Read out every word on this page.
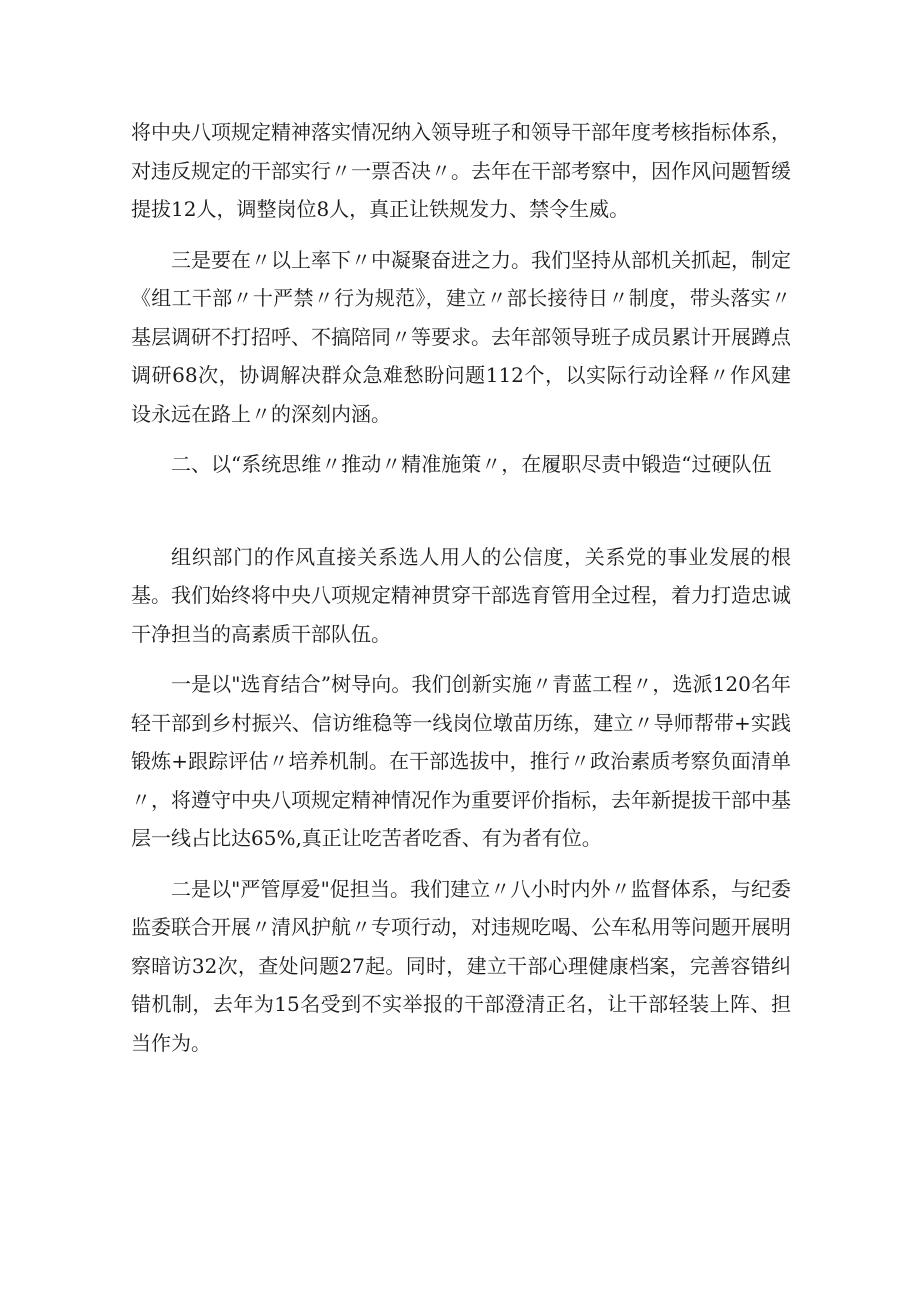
将中央八项规定精神落实情况纳入领导班子和领导干部年度考核指标体系，对违反规定的干部实行〃一票否决〃。去年在干部考察中，因作风问题暂缓提拔12人，调整岗位8人，真正让铁规发力、禁令生威。

三是要在〃以上率下〃中凝聚奋进之力。我们坚持从部机关抓起，制定《组工干部〃十严禁〃行为规范》，建立〃部长接待日〃制度，带头落实〃基层调研不打招呼、不搞陪同〃等要求。去年部领导班子成员累计开展蹲点调研68次，协调解决群众急难愁盼问题112个，以实际行动诠释〃作风建设永远在路上〃的深刻内涵。

二、以“系统思维〃推动〃精准施策〃，在履职尽责中锻造“过硬队伍

组织部门的作风直接关系选人用人的公信度，关系党的事业发展的根基。我们始终将中央八项规定精神贯穿干部选育管用全过程，着力打造忠诚干净担当的高素质干部队伍。

一是以"选育结合”树导向。我们创新实施〃青蓝工程〃，选派120名年轻干部到乡村振兴、信访维稳等一线岗位墩苗历练，建立〃导师帮带+实践锻炼+跟踪评估〃培养机制。在干部选拔中，推行〃政治素质考察负面清单〃，将遵守中央八项规定精神情况作为重要评价指标，去年新提拔干部中基层一线占比达65%,真正让吃苦者吃香、有为者有位。

二是以"严管厚爱"促担当。我们建立〃八小时内外〃监督体系，与纪委监委联合开展〃清风护航〃专项行动，对违规吃喝、公车私用等问题开展明察暗访32次，查处问题27起。同时，建立干部心理健康档案，完善容错纠错机制，去年为15名受到不实举报的干部澄清正名，让干部轻装上阵、担当作为。
